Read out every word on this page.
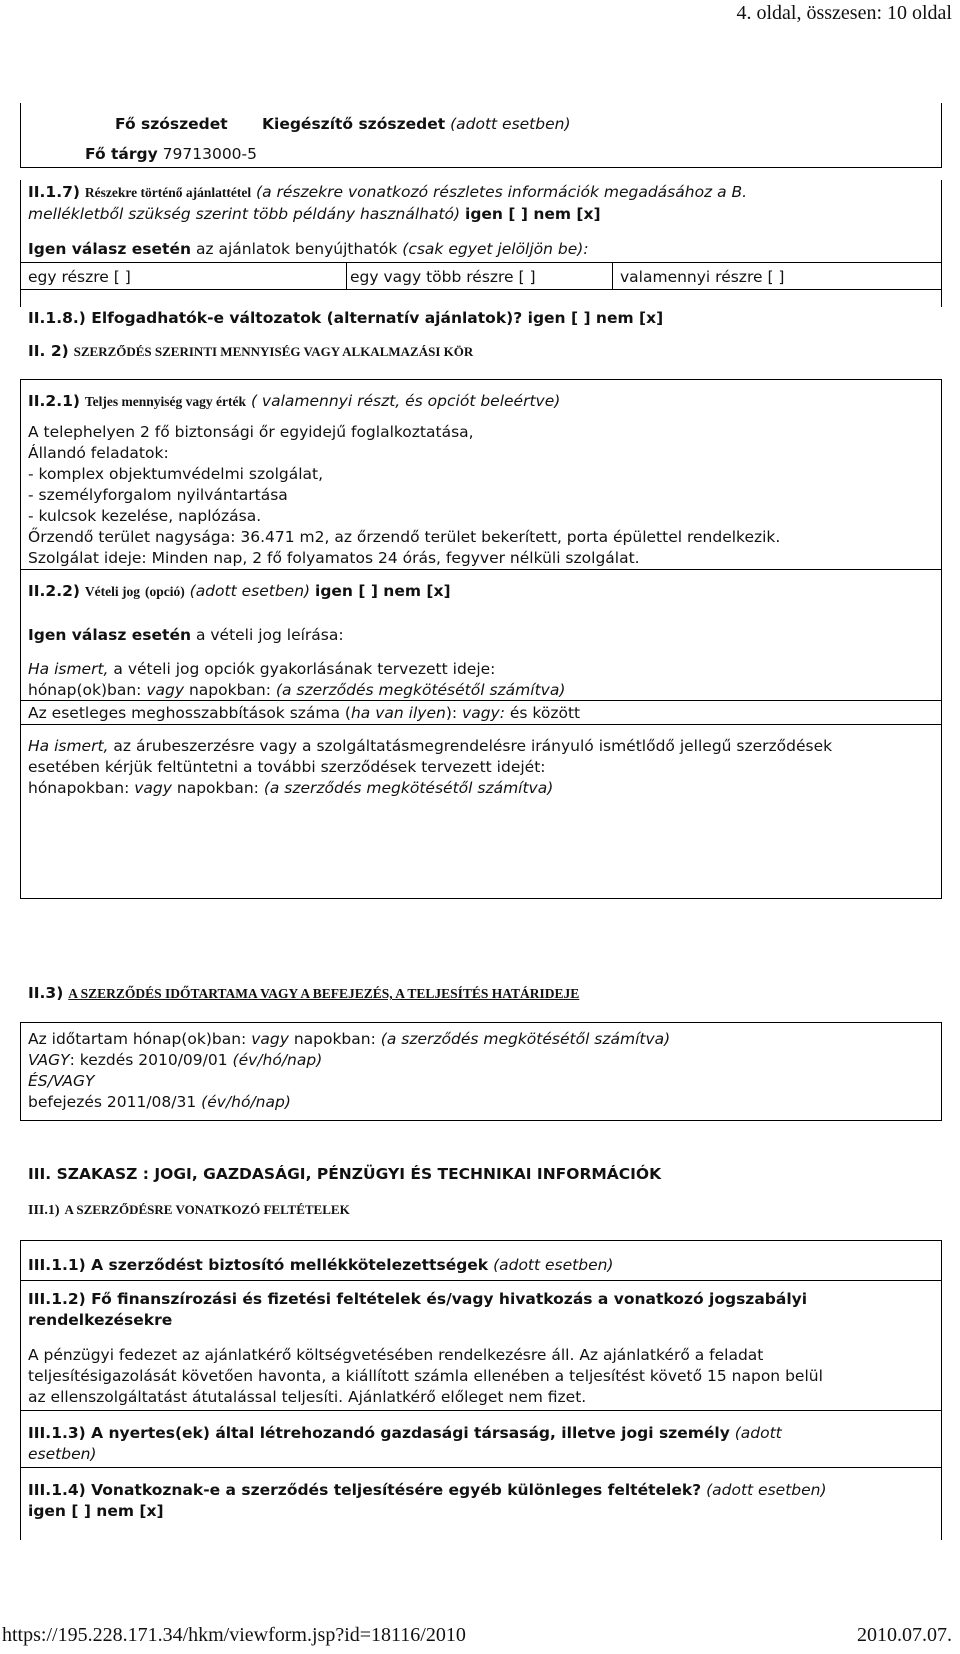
4. oldal, összesen: 10 oldal
Fő szószedet Kiegészítő szószedet (adott esetben)
Fő tárgy 79713000-5
II.1.7) Részekre történő ajánlattétel (a részekre vonatkozó részletes információk megadásához a B.
mellékletből szükség szerint több példány használható) igen [ ] nem [x]
Igen válasz esetén az ajánlatok benyújthatók (csak egyet jelöljön be):
egy részre [ ]	egy vagy több részre [ ]	valamennyi részre [ ]
II.1.8.) Elfogadhatók-e változatok (alternatív ajánlatok)? igen [ ] nem [x]
II. 2) SZERZŐDÉS SZERINTI MENNYISÉG VAGY ALKALMAZÁSI KÖR
II.2.1) Teljes mennyiség vagy érték ( valamennyi részt, és opciót beleértve)
A telephelyen 2 fő biztonsági őr egyidejű foglalkoztatása,
Állandó feladatok:
- komplex objektumvédelmi szolgálat,
- személyforgalom nyilvántartása
- kulcsok kezelése, naplózása.
Őrzendő terület nagysága: 36.471 m2, az őrzendő terület bekerített, porta épülettel rendelkezik.
Szolgálat ideje: Minden nap, 2 fő folyamatos 24 órás, fegyver nélküli szolgálat.
II.2.2) Vételi jog (opció) (adott esetben) igen [ ] nem [x]
Igen válasz esetén a vételi jog leírása:
Ha ismert, a vételi jog opciók gyakorlásának tervezett ideje:
hónap(ok)ban: vagy napokban: (a szerződés megkötésétől számítva)
Az esetleges meghosszabbítások száma (ha van ilyen): vagy: és között
Ha ismert, az árubeszerzésre vagy a szolgáltatásmegrendelésre irányuló ismétlődő jellegű szerződések
esetében kérjük feltüntetni a további szerződések tervezett idejét:
hónapokban: vagy napokban: (a szerződés megkötésétől számítva)
II.3) A SZERZŐDÉS IDŐTARTAMA VAGY A BEFEJEZÉS, A TELJESÍTÉS HATÁRIDEJE
Az időtartam hónap(ok)ban: vagy napokban: (a szerződés megkötésétől számítva)
VAGY: kezdés 2010/09/01 (év/hó/nap)
ÉS/VAGY
befejezés 2011/08/31 (év/hó/nap)
III. SZAKASZ : JOGI, GAZDASÁGI, PÉNZÜGYI ÉS TECHNIKAI INFORMÁCIÓK
III.1) A SZERZŐDÉSRE VONATKOZÓ FELTÉTELEK
III.1.1) A szerződést biztosító mellékkötelezettségek (adott esetben)
III.1.2) Fő finanszírozási és fizetési feltételek és/vagy hivatkozás a vonatkozó jogszabályi
rendelkezésekre
A pénzügyi fedezet az ajánlatkérő költségvetésében rendelkezésre áll. Az ajánlatkérő a feladat
teljesítésigazolását követően havonta, a kiállított számla ellenében a teljesítést követő 15 napon belül
az ellenszolgáltatást átutalással teljesíti. Ajánlatkérő előleget nem fizet.
III.1.3) A nyertes(ek) által létrehozandó gazdasági társaság, illetve jogi személy (adott
esetben)
III.1.4) Vonatkoznak-e a szerződés teljesítésére egyéb különleges feltételek? (adott esetben)
igen [ ] nem [x]
https://195.228.171.34/hkm/viewform.jsp?id=18116/2010	2010.07.07.
